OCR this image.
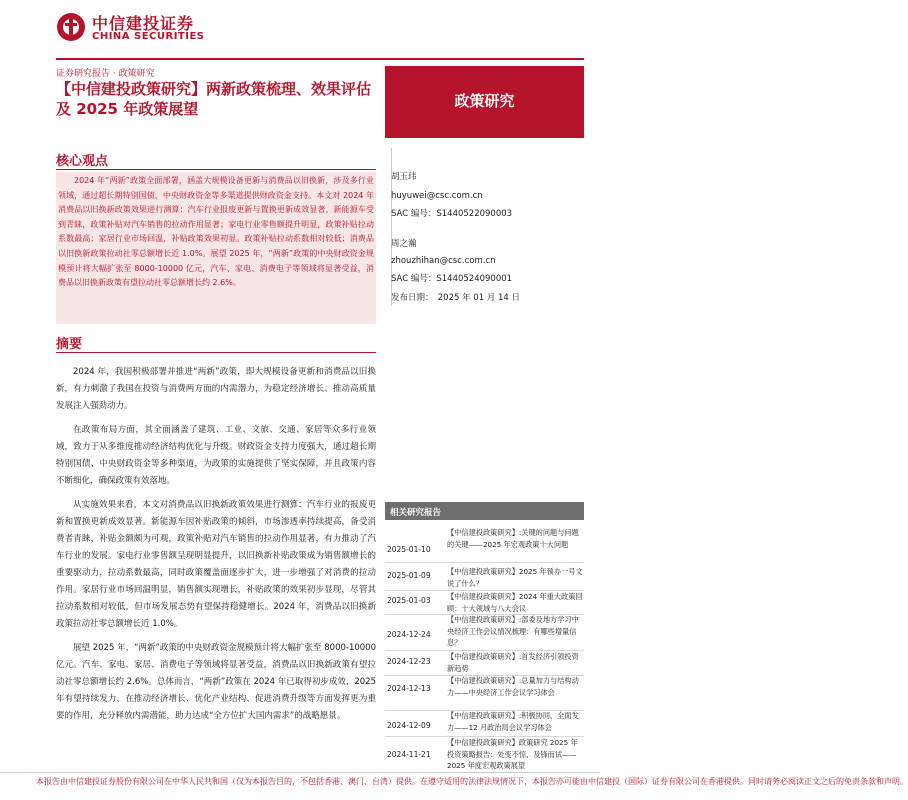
中信建投证券
CHINA SECURITIES
证券研究报告 · 政策研究
【中信建投政策研究】两新政策梳理、效果评估及 2025 年政策展望	政策研究
核心观点

2024 年“两新”政策全面部署，涵盖大规模设备更新与消费品以旧换新，涉及多行业领域，通过超长期特别国债、中央财政资金等多渠道提供财政资金支持。本文对 2024 年消费品以旧换新政策效果进行测算：汽车行业报废更新与置换更新成效显著，新能源车受到青睐，政策补贴对汽车销售的拉动作用显著；家电行业零售额提升明显，政策补贴拉动系数最高；家居行业市场回温，补贴政策效果初显。政策补贴拉动系数相对较低；消费品以旧换新政策拉动社零总额增长近 1.0%。展望 2025 年，“两新”政策的中央财政资金规模预计将大幅扩张至 8000-10000 亿元，汽车、家电、消费电子等领域将显著受益，消费品以旧换新政策有望拉动社零总额增长约 2.6%。

摘要

2024 年，我国积极部署并推进“两新”政策，即大规模设备更新和消费品以旧换新，有力刺激了我国在投资与消费两方面的内需潜力，为稳定经济增长、推动高质量发展注入强劲动力。

在政策布局方面，其全面涵盖了建筑、工业、文旅、交通、家居等众多行业领域，致力于从多维度推动经济结构优化与升级。财政资金支持力度强大，通过超长期特别国债、中央财政资金等多种渠道，为政策的实施提供了坚实保障，并且政策内容不断细化，确保政策有效落地。

从实施效果来看，本文对消费品以旧换新政策效果进行测算：汽车行业的报废更新和置换更新成效显著。新能源车因补贴政策的倾斜，市场渗透率持续提高，备受消费者青睐，补贴金额颇为可观，政策补贴对汽车销售的拉动作用显著，有力推动了汽车行业的发展。家电行业零售额呈现明显提升，以旧换新补贴政策成为销售额增长的重要驱动力，拉动系数最高，同时政策覆盖面逐步扩大，进一步增强了对消费的拉动作用。家居行业市场回温明显，销售额实现增长，补贴政策的效果初步显现，尽管其拉动系数相对较低，但市场发展态势有望保持稳健增长。2024 年，消费品以旧换新政策拉动社零总额增长近 1.0%。

展望 2025 年，“两新”政策的中央财政资金规模预计将大幅扩张至 8000-10000 亿元。汽车、家电、家居、消费电子等领域将显著受益，消费品以旧换新政策有望拉动社零总额增长约 2.6%。总体而言，“两新”政策在 2024 年已取得初步成效，2025 年有望持续发力，在推动经济增长、优化产业结构、促进消费升级等方面发挥更为重要的作用，充分释放内需潜能，助力达成“全方位扩大国内需求”的战略愿景。

胡玉玮
huyuwei@csc.com.cn
SAC 编号：S1440522090003
周之瀚
zhouzhihan@csc.com.cn
SAC 编号：S1440524090001
发布日期：　2025 年 01 月 14 日
相关研究报告
2025-01-10
【中信建投政策研究】:关键的问题与问题的关键——2025 年宏观政策十大问题
2025-01-09	【中信建投政策研究】2025 年预办一号文说了什么？
2025-01-03	【中信建投政策研究】2024 年重大政策回顾：十大领域与八大会议
2024-12-24
【中信建投政策研究】:部委及地方学习中央经济工作会议情况梳理：有哪些增量信息？
2024-12-23
【中信建投政策研究】:首发经济引领投资新趋势
2024-12-13
【中信建投政策研究】:总量加力与结构动力——中央经济工作会议学习体会
2024-12-09
【中信建投政策研究】:积极协同，全面发力——12 月政治局会议学习体会
2024-11-21
【中信建投政策研究】政策研究 2025 年投资策略报告：处变不惊，及锋而试——2025 年度宏观政策展望
本报告由中信建投证券股份有限公司在中华人民共和国（仅为本报告目的，不包括香港、澳门、台湾）提供。在遵守适用的法律法规情况下，本报告亦可能由中信建投（国际）证券有限公司在香港提供。同时请务必阅读正文之后的免责条款和声明。
